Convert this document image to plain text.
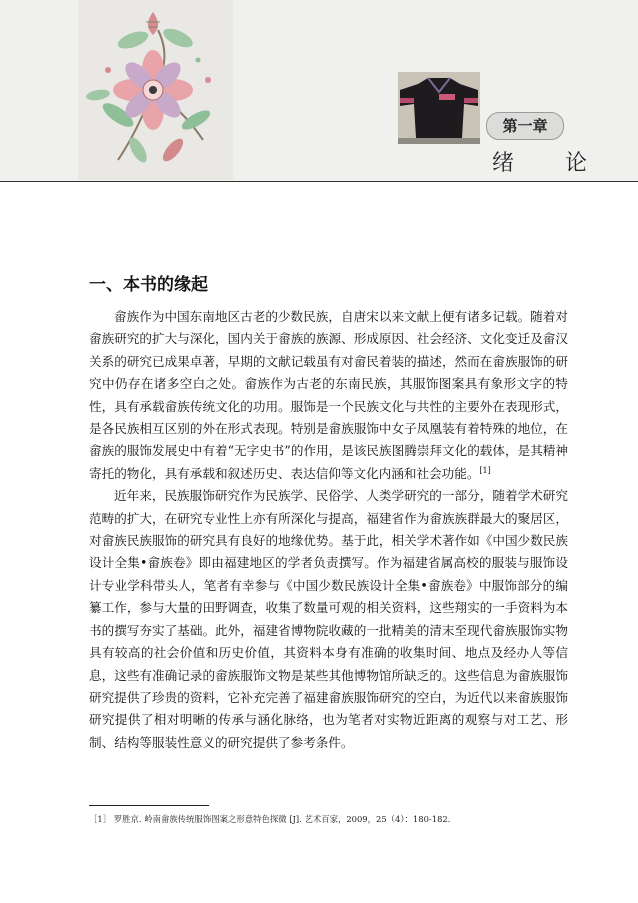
第一章
绪 论
一、本书的缘起

畲族作为中国东南地区古老的少数民族，自唐宋以来文献上便有诸多记载。随着对畲族研究的扩大与深化，国内关于畲族的族源、形成原因、社会经济、文化变迁及畲汉关系的研究已成果卓著，早期的文献记载虽有对畲民着装的描述，然而在畲族服饰的研究中仍存在诸多空白之处。畲族作为古老的东南民族，其服饰图案具有象形文字的特性，具有承载畲族传统文化的功用。服饰是一个民族文化与共性的主要外在表现形式，是各民族相互区别的外在形式表现。特别是畲族服饰中女子凤凰装有着特殊的地位，在畲族的服饰发展史中有着“无字史书”的作用，是该民族图腾崇拜文化的载体，是其精神寄托的物化，具有承载和叙述历史、表达信仰等文化内涵和社会功能。[1]

近年来，民族服饰研究作为民族学、民俗学、人类学研究的一部分，随着学术研究范畴的扩大，在研究专业性上亦有所深化与提高，福建省作为畲族族群最大的聚居区，对畲族民族服饰的研究具有良好的地缘优势。基于此，相关学术著作如《中国少数民族设计全集•畲族卷》即由福建地区的学者负责撰写。作为福建省属高校的服装与服饰设计专业学科带头人，笔者有幸参与《中国少数民族设计全集•畲族卷》中服饰部分的编纂工作，参与大量的田野调查，收集了数量可观的相关资料，这些翔实的一手资料为本书的撰写夯实了基础。此外，福建省博物院收藏的一批精美的清末至现代畲族服饰实物具有较高的社会价值和历史价值，其资料本身有准确的收集时间、地点及经办人等信息，这些有准确记录的畲族服饰文物是某些其他博物馆所缺乏的。这些信息为畲族服饰研究提供了珍贵的资料，它补充完善了福建畲族服饰研究的空白，为近代以来畲族服饰研究提供了相对明晰的传承与涵化脉络，也为笔者对实物近距离的观察与对工艺、形制、结构等服装性意义的研究提供了参考条件。

［1］ 罗胜京. 岭南畲族传统服饰图案之形意特色探微 [J]. 艺术百家，2009，25（4）：180-182.
